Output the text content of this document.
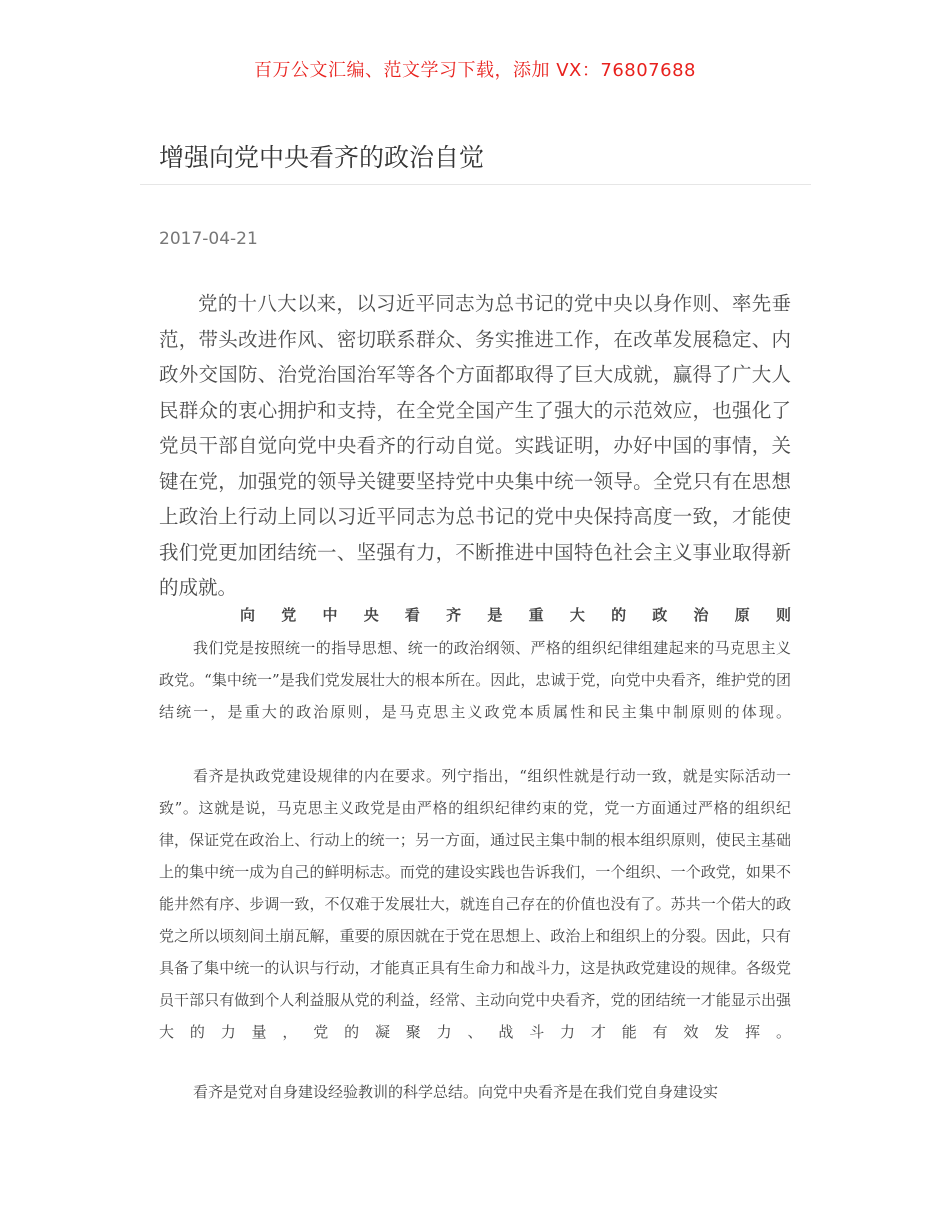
百万公文汇编、范文学习下载，添加 VX：76807688
增强向党中央看齐的政治自觉
2017-04-21

党的十八大以来，以习近平同志为总书记的党中央以身作则、率先垂范，带头改进作风、密切联系群众、务实推进工作，在改革发展稳定、内政外交国防、治党治国治军等各个方面都取得了巨大成就，赢得了广大人民群众的衷心拥护和支持，在全党全国产生了强大的示范效应，也强化了党员干部自觉向党中央看齐的行动自觉。实践证明，办好中国的事情，关键在党，加强党的领导关键要坚持党中央集中统一领导。全党只有在思想上政治上行动上同以习近平同志为总书记的党中央保持高度一致，才能使我们党更加团结统一、坚强有力，不断推进中国特色社会主义事业取得新的成就。

向党中央看齐是重大的政治原则

我们党是按照统一的指导思想、统一的政治纲领、严格的组织纪律组建起来的马克思主义政党。“集中统一”是我们党发展壮大的根本所在。因此，忠诚于党，向党中央看齐，维护党的团结统一，是重大的政治原则，是马克思主义政党本质属性和民主集中制原则的体现。

看齐是执政党建设规律的内在要求。列宁指出，“组织性就是行动一致，就是实际活动一致”。这就是说，马克思主义政党是由严格的组织纪律约束的党，党一方面通过严格的组织纪律，保证党在政治上、行动上的统一；另一方面，通过民主集中制的根本组织原则，使民主基础上的集中统一成为自己的鲜明标志。而党的建设实践也告诉我们，一个组织、一个政党，如果不能井然有序、步调一致，不仅难于发展壮大，就连自己存在的价值也没有了。苏共一个偌大的政党之所以顷刻间土崩瓦解，重要的原因就在于党在思想上、政治上和组织上的分裂。因此，只有具备了集中统一的认识与行动，才能真正具有生命力和战斗力，这是执政党建设的规律。各级党员干部只有做到个人利益服从党的利益，经常、主动向党中央看齐，党的团结统一才能显示出强大的力量，党的凝聚力、战斗力才能有效发挥。

看齐是党对自身建设经验教训的科学总结。向党中央看齐是在我们党自身建设实
